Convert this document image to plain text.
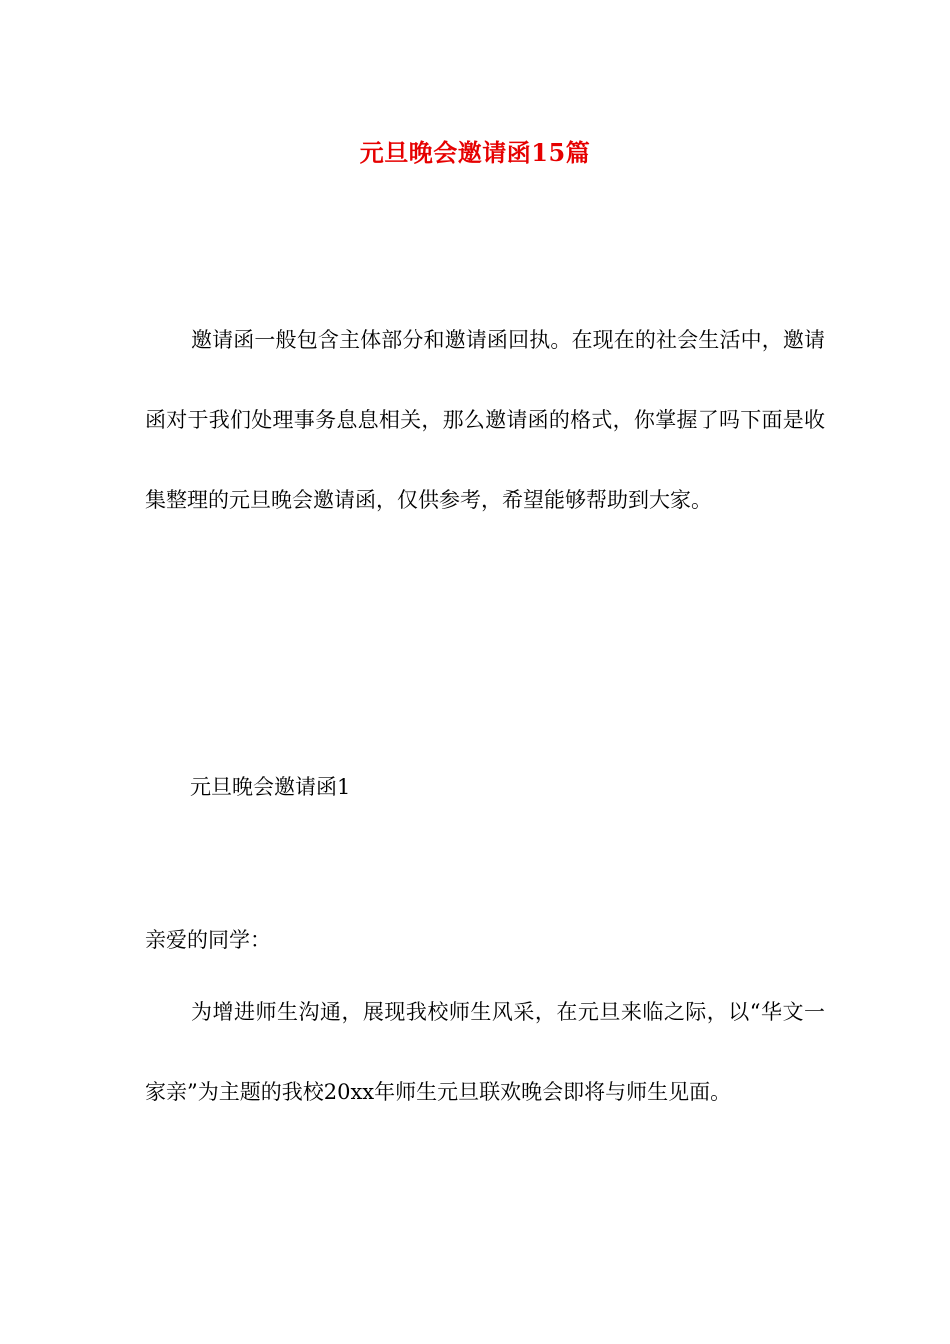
元旦晚会邀请函15篇

邀请函一般包含主体部分和邀请函回执。在现在的社会生活中，邀请函对于我们处理事务息息相关，那么邀请函的格式，你掌握了吗下面是收集整理的元旦晚会邀请函，仅供参考，希望能够帮助到大家。

元旦晚会邀请函1

亲爱的同学：

为增进师生沟通，展现我校师生风采，在元旦来临之际，以“华文一家亲”为主题的我校20xx年师生元旦联欢晚会即将与师生见面。
